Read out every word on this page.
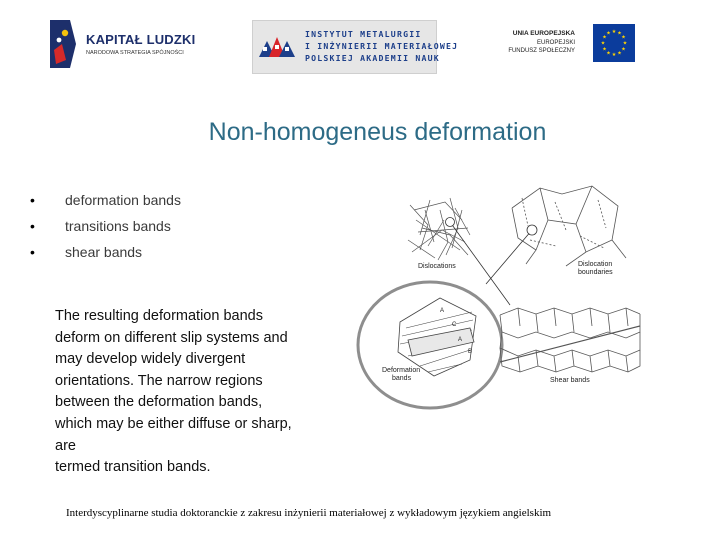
KAPITAŁ LUDZKI
NARODOWA STRATEGIA SPÓJNOŚCI
INSTYTUT METALURGII
I INŻYNIERII MATERIAŁOWEJ
POLSKIEJ AKADEMII NAUK
UNIA EUROPEJSKA
EUROPEJSKI
FUNDUSZ SPOŁECZNY
★ ★
★
★
★
★
★
★
★
★
★
★
Non-homogeneus deformation
• deformation bands
• transitions bands
• shear bands
The resulting deformation bands
deform on different slip systems and
may develop widely divergent
orientations. The narrow regions
between the deformation bands,
which may be either diffuse or sharp,
are
termed transition bands.
Dislocations	Dislocation
boundaries
A
C
A
B
Deformation
bands	Shear bands
Interdyscyplinarne studia doktoranckie z zakresu inżynierii materiałowej z wykładowym językiem angielskim
